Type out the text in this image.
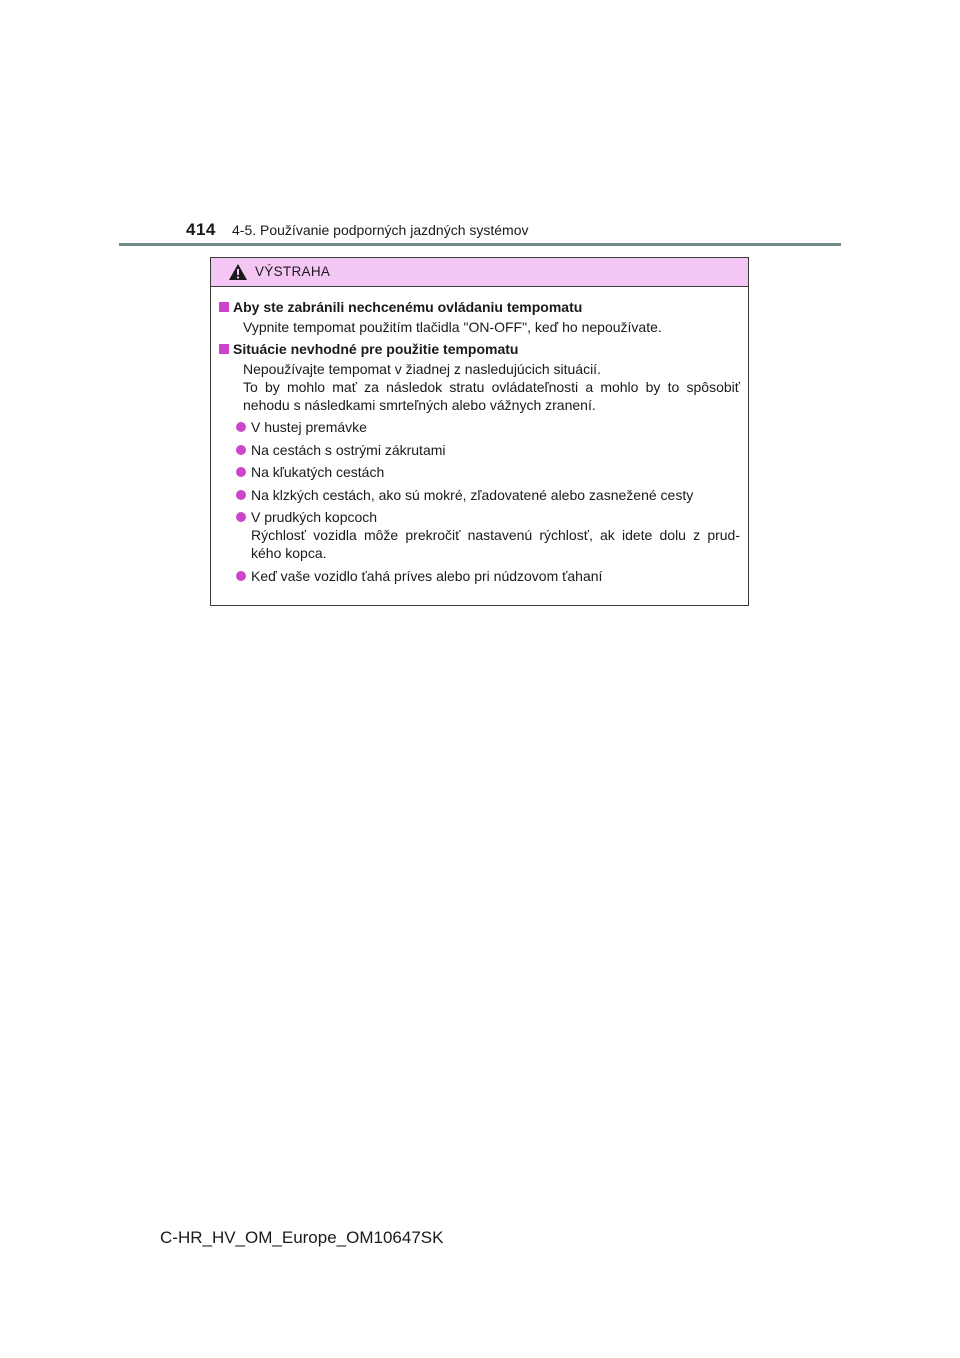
414 4-5. Používanie podporných jazdných systémov
VÝSTRAHA
Aby ste zabránili nechcenému ovládaniu tempomatu
Vypnite tempomat použitím tlačidla "ON-OFF", keď ho nepoužívate.
Situácie nevhodné pre použitie tempomatu
Nepoužívajte tempomat v žiadnej z nasledujúcich situácií.
To by mohlo mať za následok stratu ovládateľnosti a mohlo by to spôsobiť
nehodu s následkami smrteľných alebo vážnych zranení.
V hustej premávke
Na cestách s ostrými zákrutami
Na kľukatých cestách
Na klzkých cestách, ako sú mokré, zľadovatené alebo zasnežené cesty
V prudkých kopcoch
Rýchlosť vozidla môže prekročiť nastavenú rýchlosť, ak idete dolu z prud-
kého kopca.
Keď vaše vozidlo ťahá príves alebo pri núdzovom ťahaní
C-HR_HV_OM_Europe_OM10647SK
